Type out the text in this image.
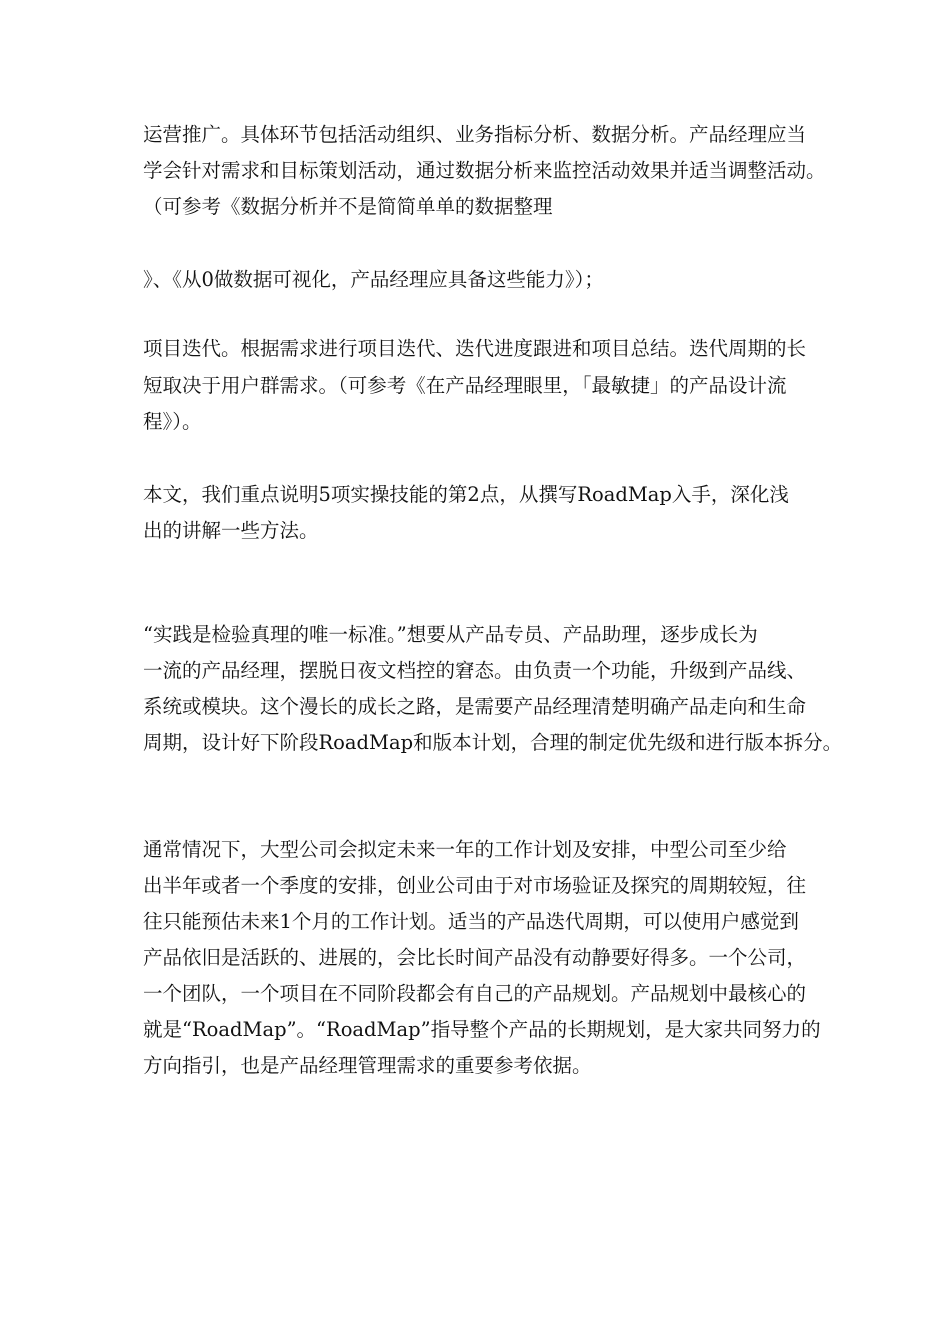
运营推广。具体环节包括活动组织、业务指标分析、数据分析。产品经理应当
学会针对需求和目标策划活动，通过数据分析来监控活动效果并适当调整活动。
（可参考《数据分析并不是简简单单的数据整理
》、《从0做数据可视化，产品经理应具备这些能力》）；
项目迭代。根据需求进行项目迭代、迭代进度跟进和项目总结。迭代周期的长
短取决于用户群需求。（可参考《在产品经理眼里，「最敏捷」的产品设计流
程》）。
本文，我们重点说明5项实操技能的第2点，从撰写RoadMap入手，深化浅
出的讲解一些方法。
“实践是检验真理的唯一标准。”想要从产品专员、产品助理，逐步成长为
一流的产品经理，摆脱日夜文档控的窘态。由负责一个功能，升级到产品线、
系统或模块。这个漫长的成长之路，是需要产品经理清楚明确产品走向和生命
周期，设计好下阶段RoadMap和版本计划，合理的制定优先级和进行版本拆分。
通常情况下，大型公司会拟定未来一年的工作计划及安排，中型公司至少给
出半年或者一个季度的安排，创业公司由于对市场验证及探究的周期较短，往
往只能预估未来1个月的工作计划。适当的产品迭代周期，可以使用户感觉到
产品依旧是活跃的、进展的，会比长时间产品没有动静要好得多。一个公司，
一个团队，一个项目在不同阶段都会有自己的产品规划。产品规划中最核心的
就是“RoadMap”。“RoadMap”指导整个产品的长期规划，是大家共同努力的
方向指引，也是产品经理管理需求的重要参考依据。
